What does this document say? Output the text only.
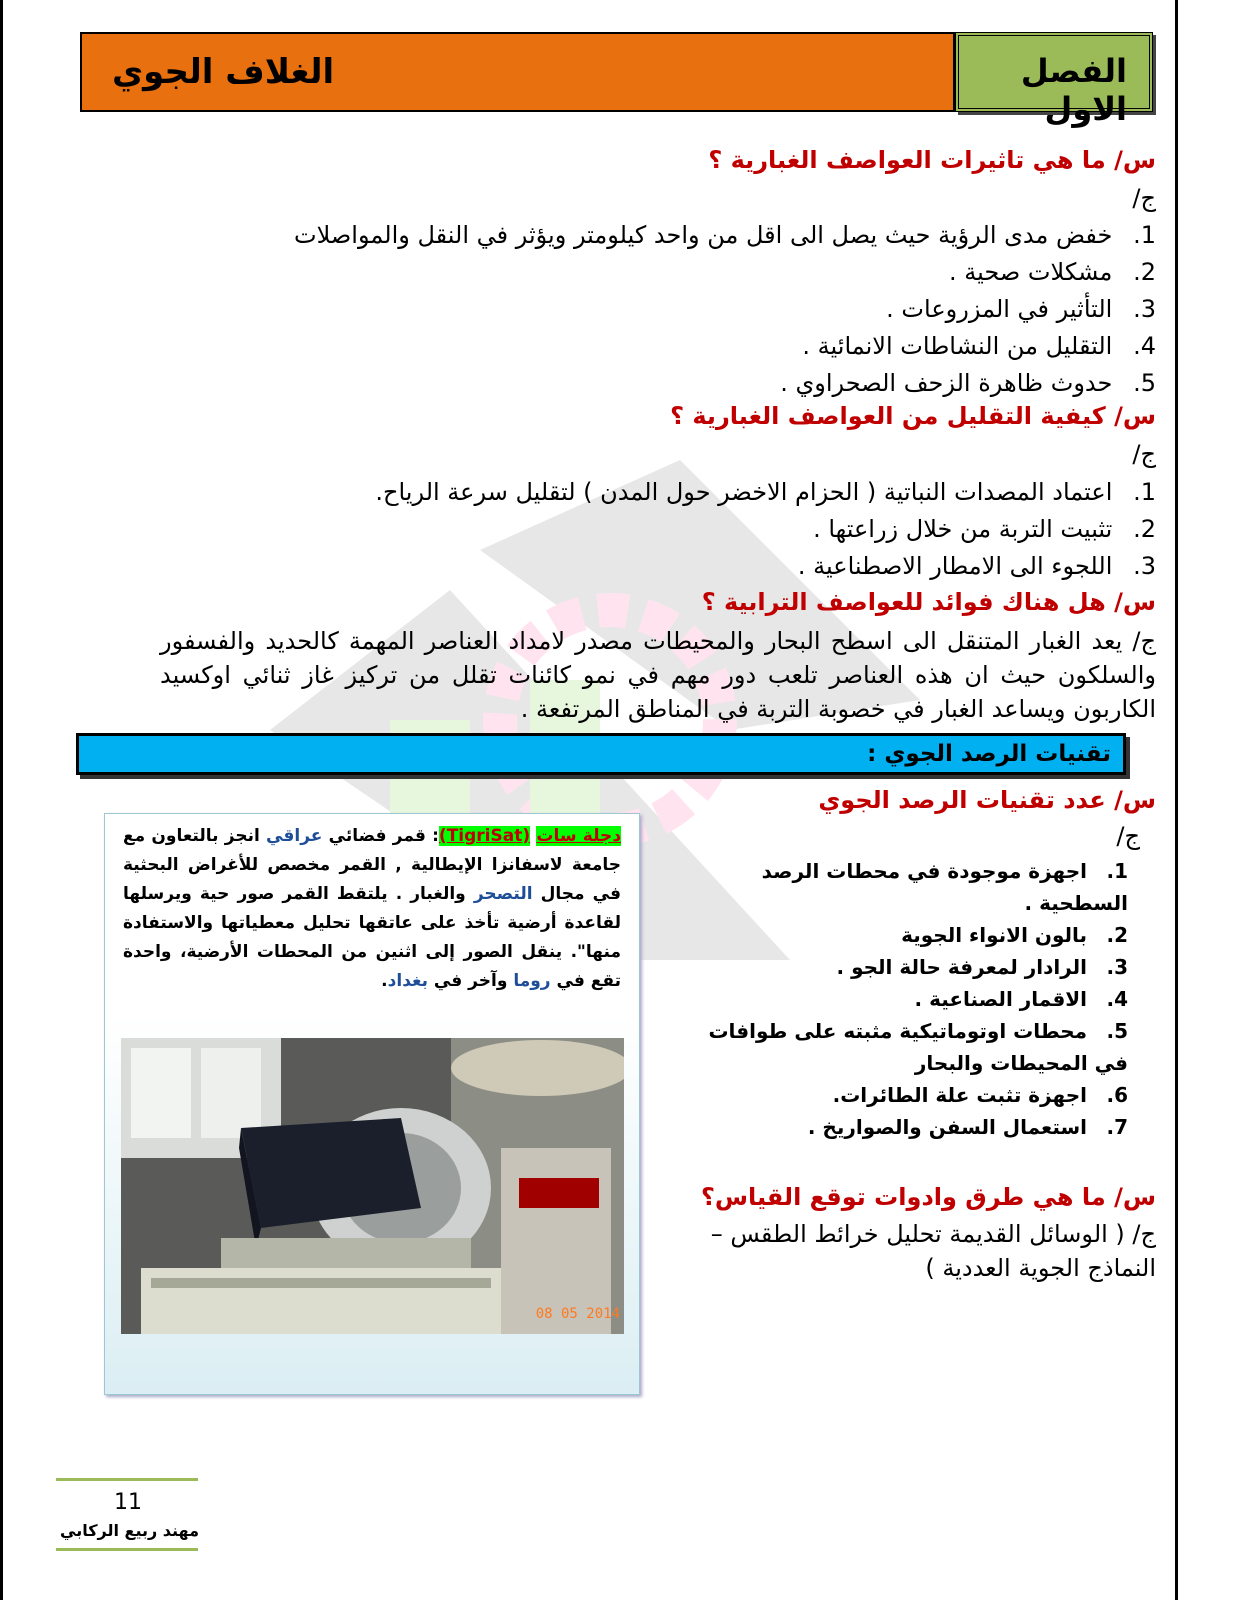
الغلاف الجوي	الفصل الاول
س/ ما هي تاثيرات العواصف الغبارية ؟
ج/
1. خفض مدى الرؤية حيث يصل الى اقل من واحد كيلومتر ويؤثر في النقل والمواصلات
2. مشكلات صحية .
3. التأثير في المزروعات .
4. التقليل من النشاطات الانمائية .
5. حدوث ظاهرة الزحف الصحراوي .
س/ كيفية التقليل من العواصف الغبارية ؟
ج/
1. اعتماد المصدات النباتية ( الحزام الاخضر حول المدن ) لتقليل سرعة الرياح.
2. تثبيت التربة من خلال زراعتها .
3. اللجوء الى الامطار الاصطناعية .
س/ هل هناك فوائد للعواصف الترابية ؟
ج/ يعد الغبار المتنقل الى اسطح البحار والمحيطات مصدر لامداد العناصر المهمة كالحديد والفسفور والسلكون حيث ان هذه العناصر تلعب دور مهم في نمو كائنات تقلل من تركيز غاز ثنائي اوكسيد الكاربون ويساعد الغبار في خصوبة التربة في المناطق المرتفعة .
تقنيات الرصد الجوي :
س/ عدد تقنيات الرصد الجوي
ج/
1. اجهزة موجودة في محطات الرصد السطحية .
2. بالون الانواء الجوية
3. الرادار لمعرفة حالة الجو .
4. الاقمار الصناعية .
5. محطات اوتوماتيكية مثبته على طوافات في المحيطات والبحار
6. اجهزة تثبت علة الطائرات.
7. استعمال السفن والصواريخ .
س/ ما هي طرق وادوات توقع القياس؟
ج/ ( الوسائل القديمة تحليل خرائط الطقس –
النماذج الجوية العددية )
دجلة سات (TigriSat): قمر فضائي عراقي انجز بالتعاون مع جامعة لاسفانزا الإيطالية , القمر مخصص للأغراض البحثية في مجال التصحر والغبار . يلتقط القمر صور حية ويرسلها لقاعدة أرضية تأخذ على عاتقها تحليل معطياتها والاستفادة منها". ينقل الصور إلى اثنين من المحطات الأرضية، واحدة تقع في روما وآخر في بغداد.
08 05 2014
11
مهند ربيع الركابي
